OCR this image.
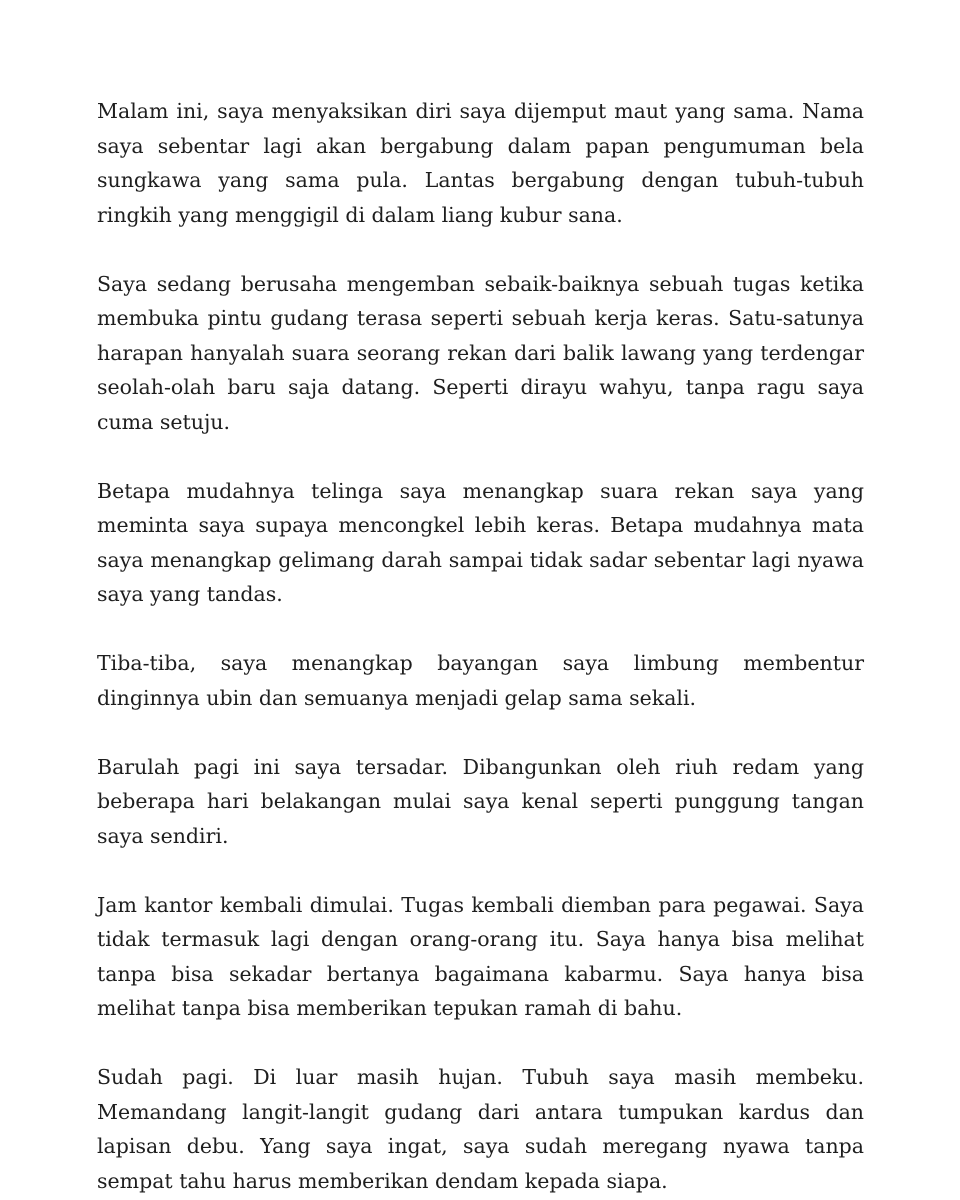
Malam ini, saya menyaksikan diri saya dijemput maut yang sama. Nama saya sebentar lagi akan bergabung dalam papan pengumuman bela sungkawa yang sama pula. Lantas bergabung dengan tubuh-tubuh ringkih yang menggigil di dalam liang kubur sana.

Saya sedang berusaha mengemban sebaik-baiknya sebuah tugas ketika membuka pintu gudang terasa seperti sebuah kerja keras. Satu-satunya harapan hanyalah suara seorang rekan dari balik lawang yang terdengar seolah-olah baru saja datang. Seperti dirayu wahyu, tanpa ragu saya cuma setuju.

Betapa mudahnya telinga saya menangkap suara rekan saya yang meminta saya supaya mencongkel lebih keras. Betapa mudahnya mata saya menangkap gelimang darah sampai tidak sadar sebentar lagi nyawa saya yang tandas.

Tiba-tiba, saya menangkap bayangan saya limbung membentur dinginnya ubin dan semuanya menjadi gelap sama sekali.

Barulah pagi ini saya tersadar. Dibangunkan oleh riuh redam yang beberapa hari belakangan mulai saya kenal seperti punggung tangan saya sendiri.

Jam kantor kembali dimulai. Tugas kembali diemban para pegawai. Saya tidak termasuk lagi dengan orang-orang itu. Saya hanya bisa melihat tanpa bisa sekadar bertanya bagaimana kabarmu. Saya hanya bisa melihat tanpa bisa memberikan tepukan ramah di bahu.

Sudah pagi. Di luar masih hujan. Tubuh saya masih membeku. Memandang langit-langit gudang dari antara tumpukan kardus dan lapisan debu. Yang saya ingat, saya sudah meregang nyawa tanpa sempat tahu harus memberikan dendam kepada siapa.
